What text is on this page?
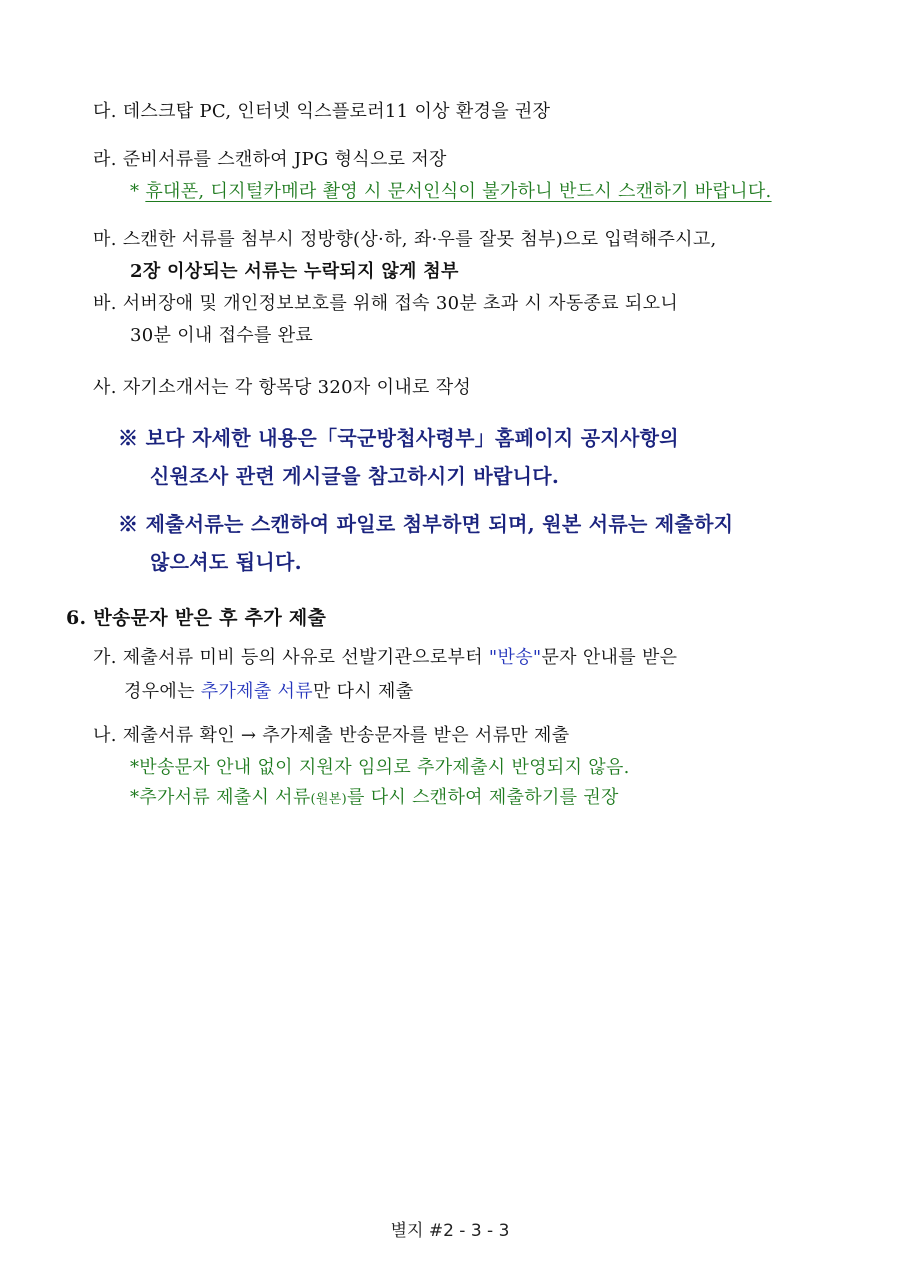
다. 데스크탑 PC, 인터넷 익스플로러11 이상 환경을 권장
라. 준비서류를 스캔하여 JPG 형식으로 저장
* 휴대폰, 디지털카메라 촬영 시 문서인식이 불가하니 반드시 스캔하기 바랍니다.
마. 스캔한 서류를 첨부시 정방향(상·하, 좌·우를 잘못 첨부)으로 입력해주시고,
2장 이상되는 서류는 누락되지 않게 첨부
바. 서버장애 및 개인정보보호를 위해 접속 30분 초과 시 자동종료 되오니
30분 이내 접수를 완료
사. 자기소개서는 각 항목당 320자 이내로 작성
※ 보다 자세한 내용은「국군방첩사령부」홈페이지 공지사항의
신원조사 관련 게시글을 참고하시기 바랍니다.
※ 제출서류는 스캔하여 파일로 첨부하면 되며, 원본 서류는 제출하지
않으셔도 됩니다.
6. 반송문자 받은 후 추가 제출
가. 제출서류 미비 등의 사유로 선발기관으로부터 "반송"문자 안내를 받은
경우에는 추가제출 서류만 다시 제출
나. 제출서류 확인 → 추가제출 반송문자를 받은 서류만 제출
*반송문자 안내 없이 지원자 임의로 추가제출시 반영되지 않음.
*추가서류 제출시 서류(원본)를 다시 스캔하여 제출하기를 권장
별지 #2 - 3 - 3
